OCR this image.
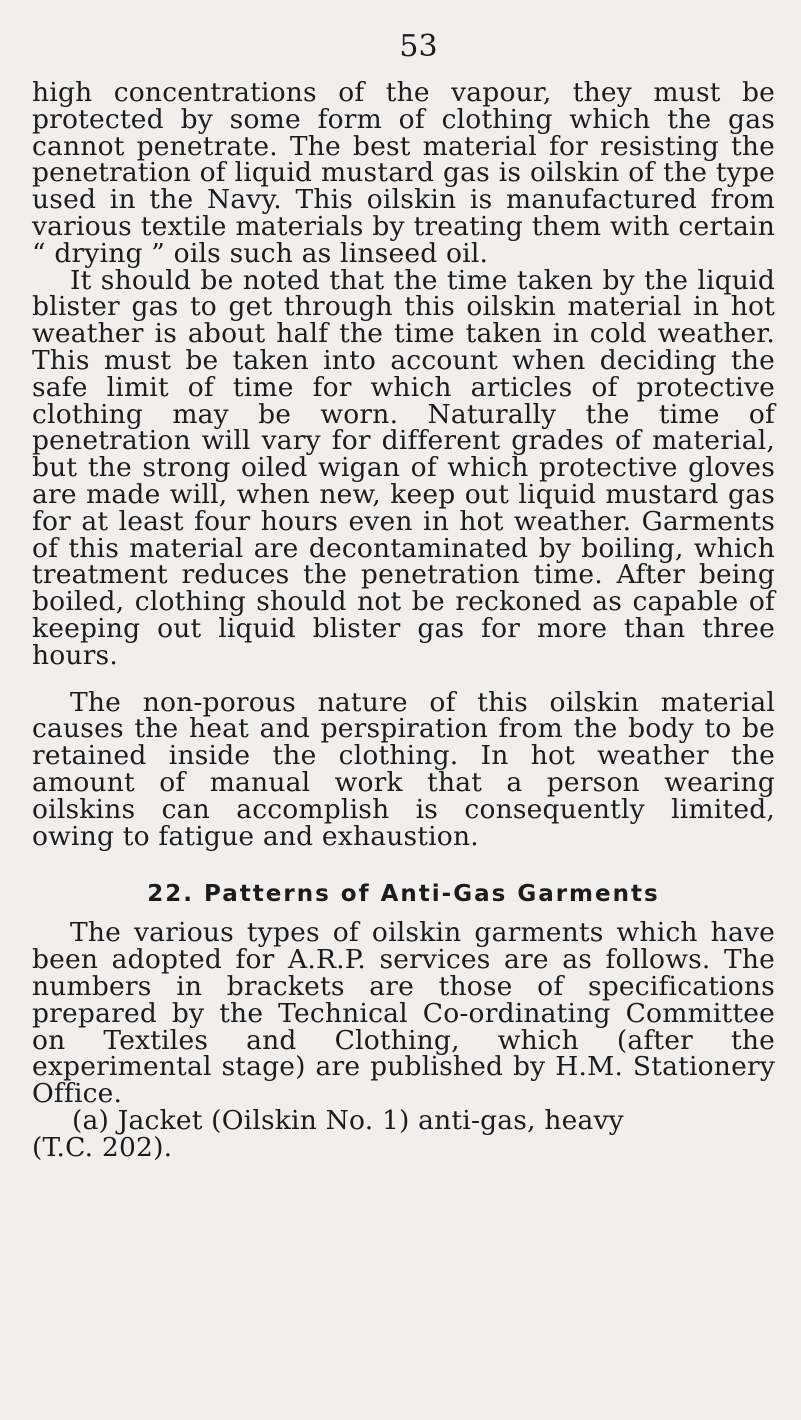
53

high concentrations of the vapour, they must be protected by some form of clothing which the gas cannot penetrate. The best material for resisting the penetration of liquid mustard gas is oilskin of the type used in the Navy. This oilskin is manufactured from various textile materials by treating them with certain “ drying ” oils such as linseed oil.

It should be noted that the time taken by the liquid blister gas to get through this oilskin material in hot weather is about half the time taken in cold weather. This must be taken into account when deciding the safe limit of time for which articles of protective clothing may be worn. Naturally the time of penetration will vary for different grades of material, but the strong oiled wigan of which protective gloves are made will, when new, keep out liquid mustard gas for at least four hours even in hot weather. Garments of this material are decontaminated by boiling, which treatment reduces the penetration time. After being boiled, clothing should not be reckoned as capable of keeping out liquid blister gas for more than three hours.

The non-porous nature of this oilskin material causes the heat and perspiration from the body to be retained inside the clothing. In hot weather the amount of manual work that a person wearing oilskins can accomplish is consequently limited, owing to fatigue and exhaustion.

22. Patterns of Anti-Gas Garments

The various types of oilskin garments which have been adopted for A.R.P. services are as follows. The numbers in brackets are those of specifications prepared by the Technical Co-ordinating Committee on Textiles and Clothing, which (after the experimental stage) are published by H.M. Stationery Office.

(a) Jacket (Oilskin No. 1) anti-gas, heavy
(T.C. 202).
